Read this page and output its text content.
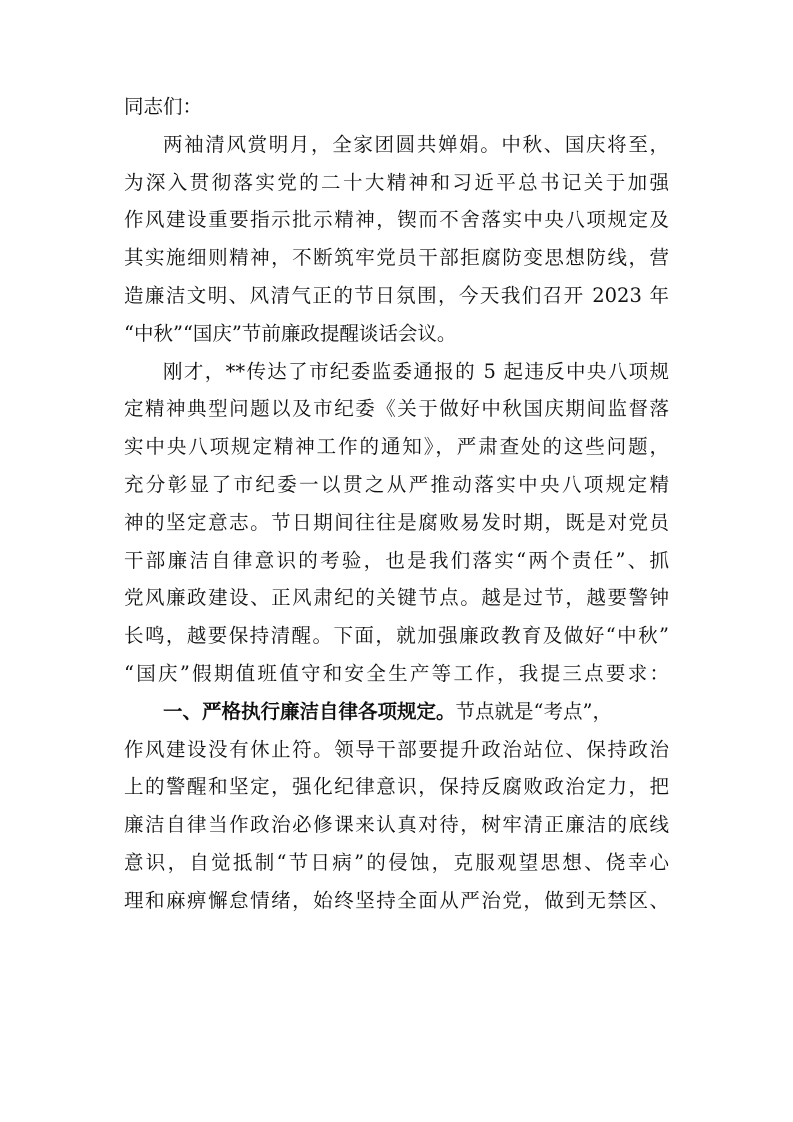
同志们：
两袖清风赏明月，全家团圆共婵娟。中秋、国庆将至，
为深入贯彻落实党的二十大精神和习近平总书记关于加强
作风建设重要指示批示精神，锲而不舍落实中央八项规定及
其实施细则精神，不断筑牢党员干部拒腐防变思想防线，营
造廉洁文明、风清气正的节日氛围，今天我们召开 2023 年
“中秋”“国庆”节前廉政提醒谈话会议。
刚才，**传达了市纪委监委通报的 5 起违反中央八项规
定精神典型问题以及市纪委《关于做好中秋国庆期间监督落
实中央八项规定精神工作的通知》，严肃查处的这些问题，
充分彰显了市纪委一以贯之从严推动落实中央八项规定精
神的坚定意志。节日期间往往是腐败易发时期，既是对党员
干部廉洁自律意识的考验，也是我们落实“两个责任”、抓
党风廉政建设、正风肃纪的关键节点。越是过节，越要警钟
长鸣，越要保持清醒。下面，就加强廉政教育及做好“中秋”
“国庆”假期值班值守和安全生产等工作，我提三点要求：
一、严格执行廉洁自律各项规定。节点就是“考点”，
作风建设没有休止符。领导干部要提升政治站位、保持政治
上的警醒和坚定，强化纪律意识，保持反腐败政治定力，把
廉洁自律当作政治必修课来认真对待，树牢清正廉洁的底线
意识，自觉抵制“节日病”的侵蚀，克服观望思想、侥幸心
理和麻痹懈怠情绪，始终坚持全面从严治党，做到无禁区、
